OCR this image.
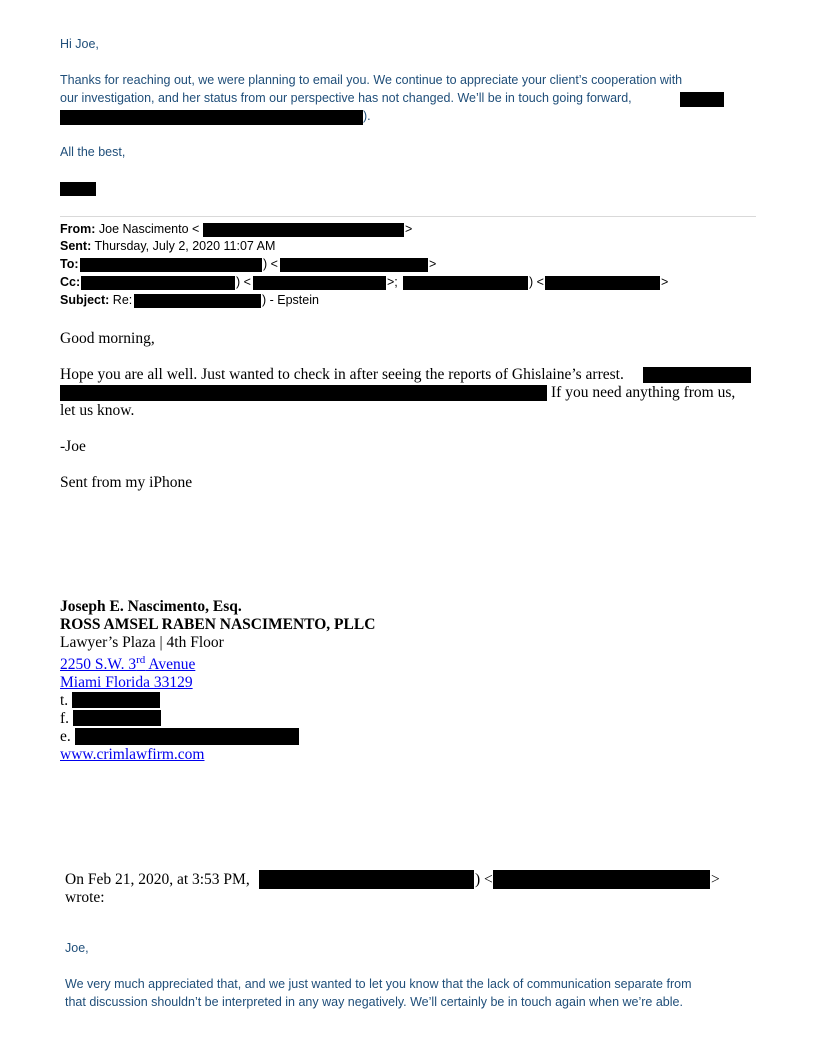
Hi Joe,
Thanks for reaching out, we were planning to email you. We continue to appreciate your client’s cooperation with
our investigation, and her status from our perspective has not changed. We’ll be in touch going forward,
).
All the best,
From: Joe Nascimento <	>
Sent: Thursday, July 2, 2020 11:07 AM
To:	) <	>
Cc:	) <	>;	) <	>
Subject: Re:	) - Epstein
Good morning,
Hope you are all well. Just wanted to check in after seeing the reports of Ghislaine’s arrest.
If you need anything from us,
let us know.
-Joe
Sent from my iPhone
Joseph E. Nascimento, Esq.
ROSS AMSEL RABEN NASCIMENTO, PLLC
Lawyer’s Plaza | 4th Floor
2250 S.W. 3rd Avenue
Miami Florida 33129
t.
f.
e.
www.crimlawfirm.com
On Feb 21, 2020, at 3:53 PM,	) <	>
wrote:
Joe,
We very much appreciated that, and we just wanted to let you know that the lack of communication separate from
that discussion shouldn’t be interpreted in any way negatively. We’ll certainly be in touch again when we’re able.
